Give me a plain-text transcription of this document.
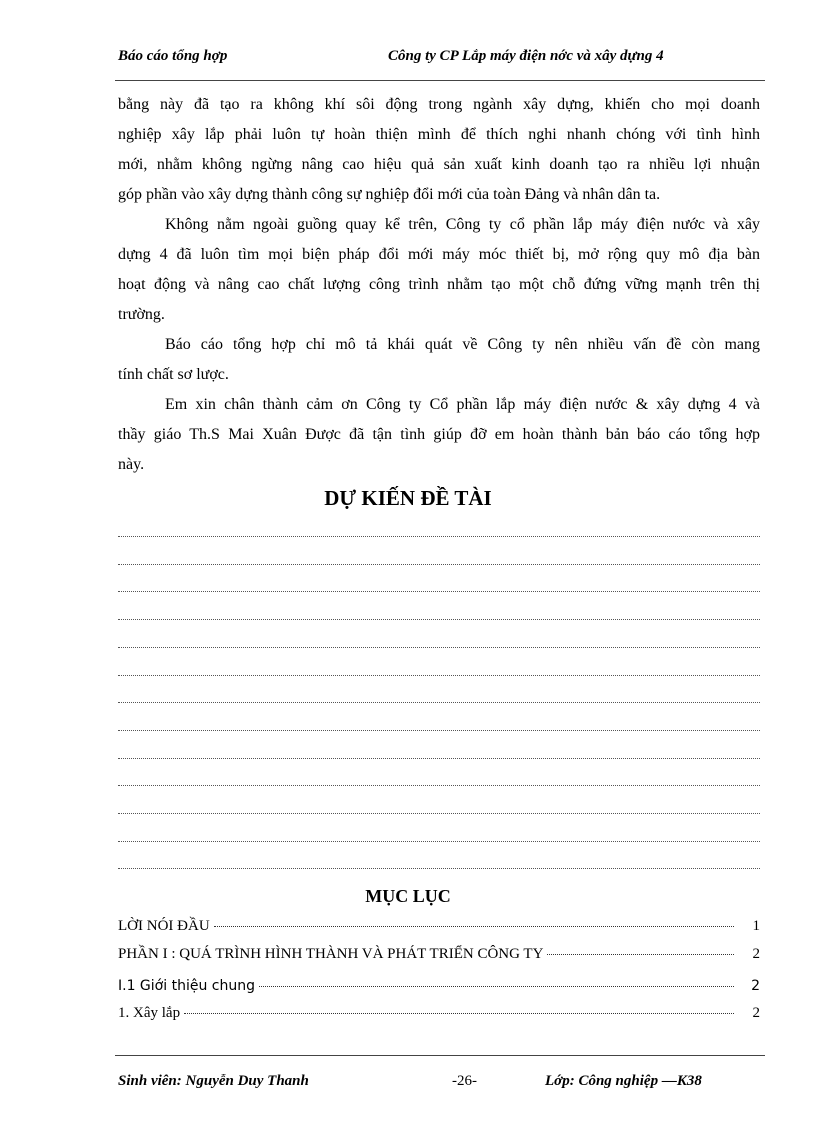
Báo cáo tổng hợp	Công ty CP Lắp máy điện nớc và xây dựng 4
bằng này đã tạo ra không khí sôi động trong ngành xây dựng, khiến cho mọi doanh
nghiệp xây lắp phải luôn tự hoàn thiện mình để thích nghi nhanh chóng với tình hình
mới, nhằm không ngừng nâng cao hiệu quả sản xuất kinh doanh tạo ra nhiều lợi nhuận
góp phần vào xây dựng thành công sự nghiệp đổi mới của toàn Đảng và nhân dân ta.
Không nằm ngoài guồng quay kể trên, Công ty cổ phần lắp máy điện nước và xây
dựng 4 đã luôn tìm mọi biện pháp đổi mới máy móc thiết bị, mở rộng quy mô địa bàn
hoạt động và nâng cao chất lượng công trình nhằm tạo một chỗ đứng vững mạnh trên thị
trường.
Báo cáo tổng hợp chỉ mô tả khái quát về Công ty nên nhiều vấn đề còn mang
tính chất sơ lược.
Em xin chân thành cảm ơn Công ty Cổ phần lắp máy điện nước & xây dựng 4 và
thầy giáo Th.S Mai Xuân Được đã tận tình giúp đỡ em hoàn thành bản báo cáo tổng hợp
này.
DỰ KIẾN ĐỀ TÀI
MỤC LỤC
LỜI NÓI ĐẦU	1
PHẦN I : QUÁ TRÌNH HÌNH THÀNH VÀ PHÁT TRIỂN CÔNG TY	2
I.1 Giới thiệu chung	2
1. Xây lắp	2
Sinh viên: Nguyễn Duy Thanh	-26-	Lớp: Công nghiệp —K38
